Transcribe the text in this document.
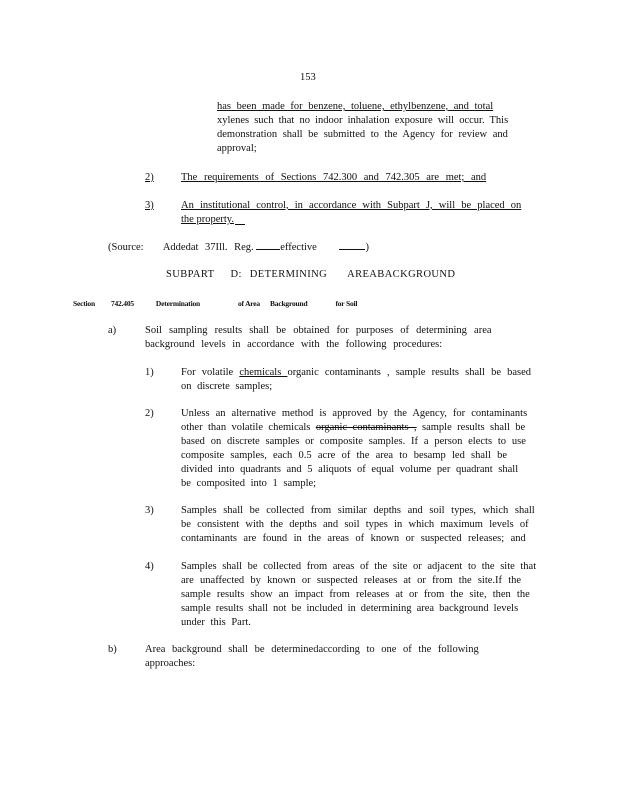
153
has been made for benzene, toluene, ethylbenzene, and total
xylenes such that no indoor inhalation exposure will occur. This
demonstration shall be submitted to the Agency for review and
approval;
2)	The requirements of Sections 742.300 and 742.305 are met; and
3)	An institutional control, in accordance with Subpart J, will be placed on
the property.
(Source: Addedat 37Ill. Reg.	effective	)
SUBPART D: DETERMINING AREABACKGROUND
Section 742.405	Determination	of Area Background	for Soil
a)	Soil sampling results shall be obtained for purposes of determining area
background levels in accordance with the following procedures:
1)	For volatile chemicals organic contaminants , sample results shall be based
on discrete samples;
2)	Unless an alternative method is approved by the Agency, for contaminants
other than volatile chemicals organic contaminants , sample results shall be
based on discrete samples or composite samples. If a person elects to use
composite samples, each 0.5 acre of the area to besamp led shall be
divided into quadrants and 5 aliquots of equal volume per quadrant shall
be composited into 1 sample;
3)	Samples shall be collected from similar depths and soil types, which shall
be consistent with the depths and soil types in which maximum levels of
contaminants are found in the areas of known or suspected releases; and
4)	Samples shall be collected from areas of the site or adjacent to the site that
are unaffected by known or suspected releases at or from the site.If the
sample results show an impact from releases at or from the site, then the
sample results shall not be included in determining area background levels
under this Part.
b)	Area background shall be determinedaccording to one of the following
approaches:
